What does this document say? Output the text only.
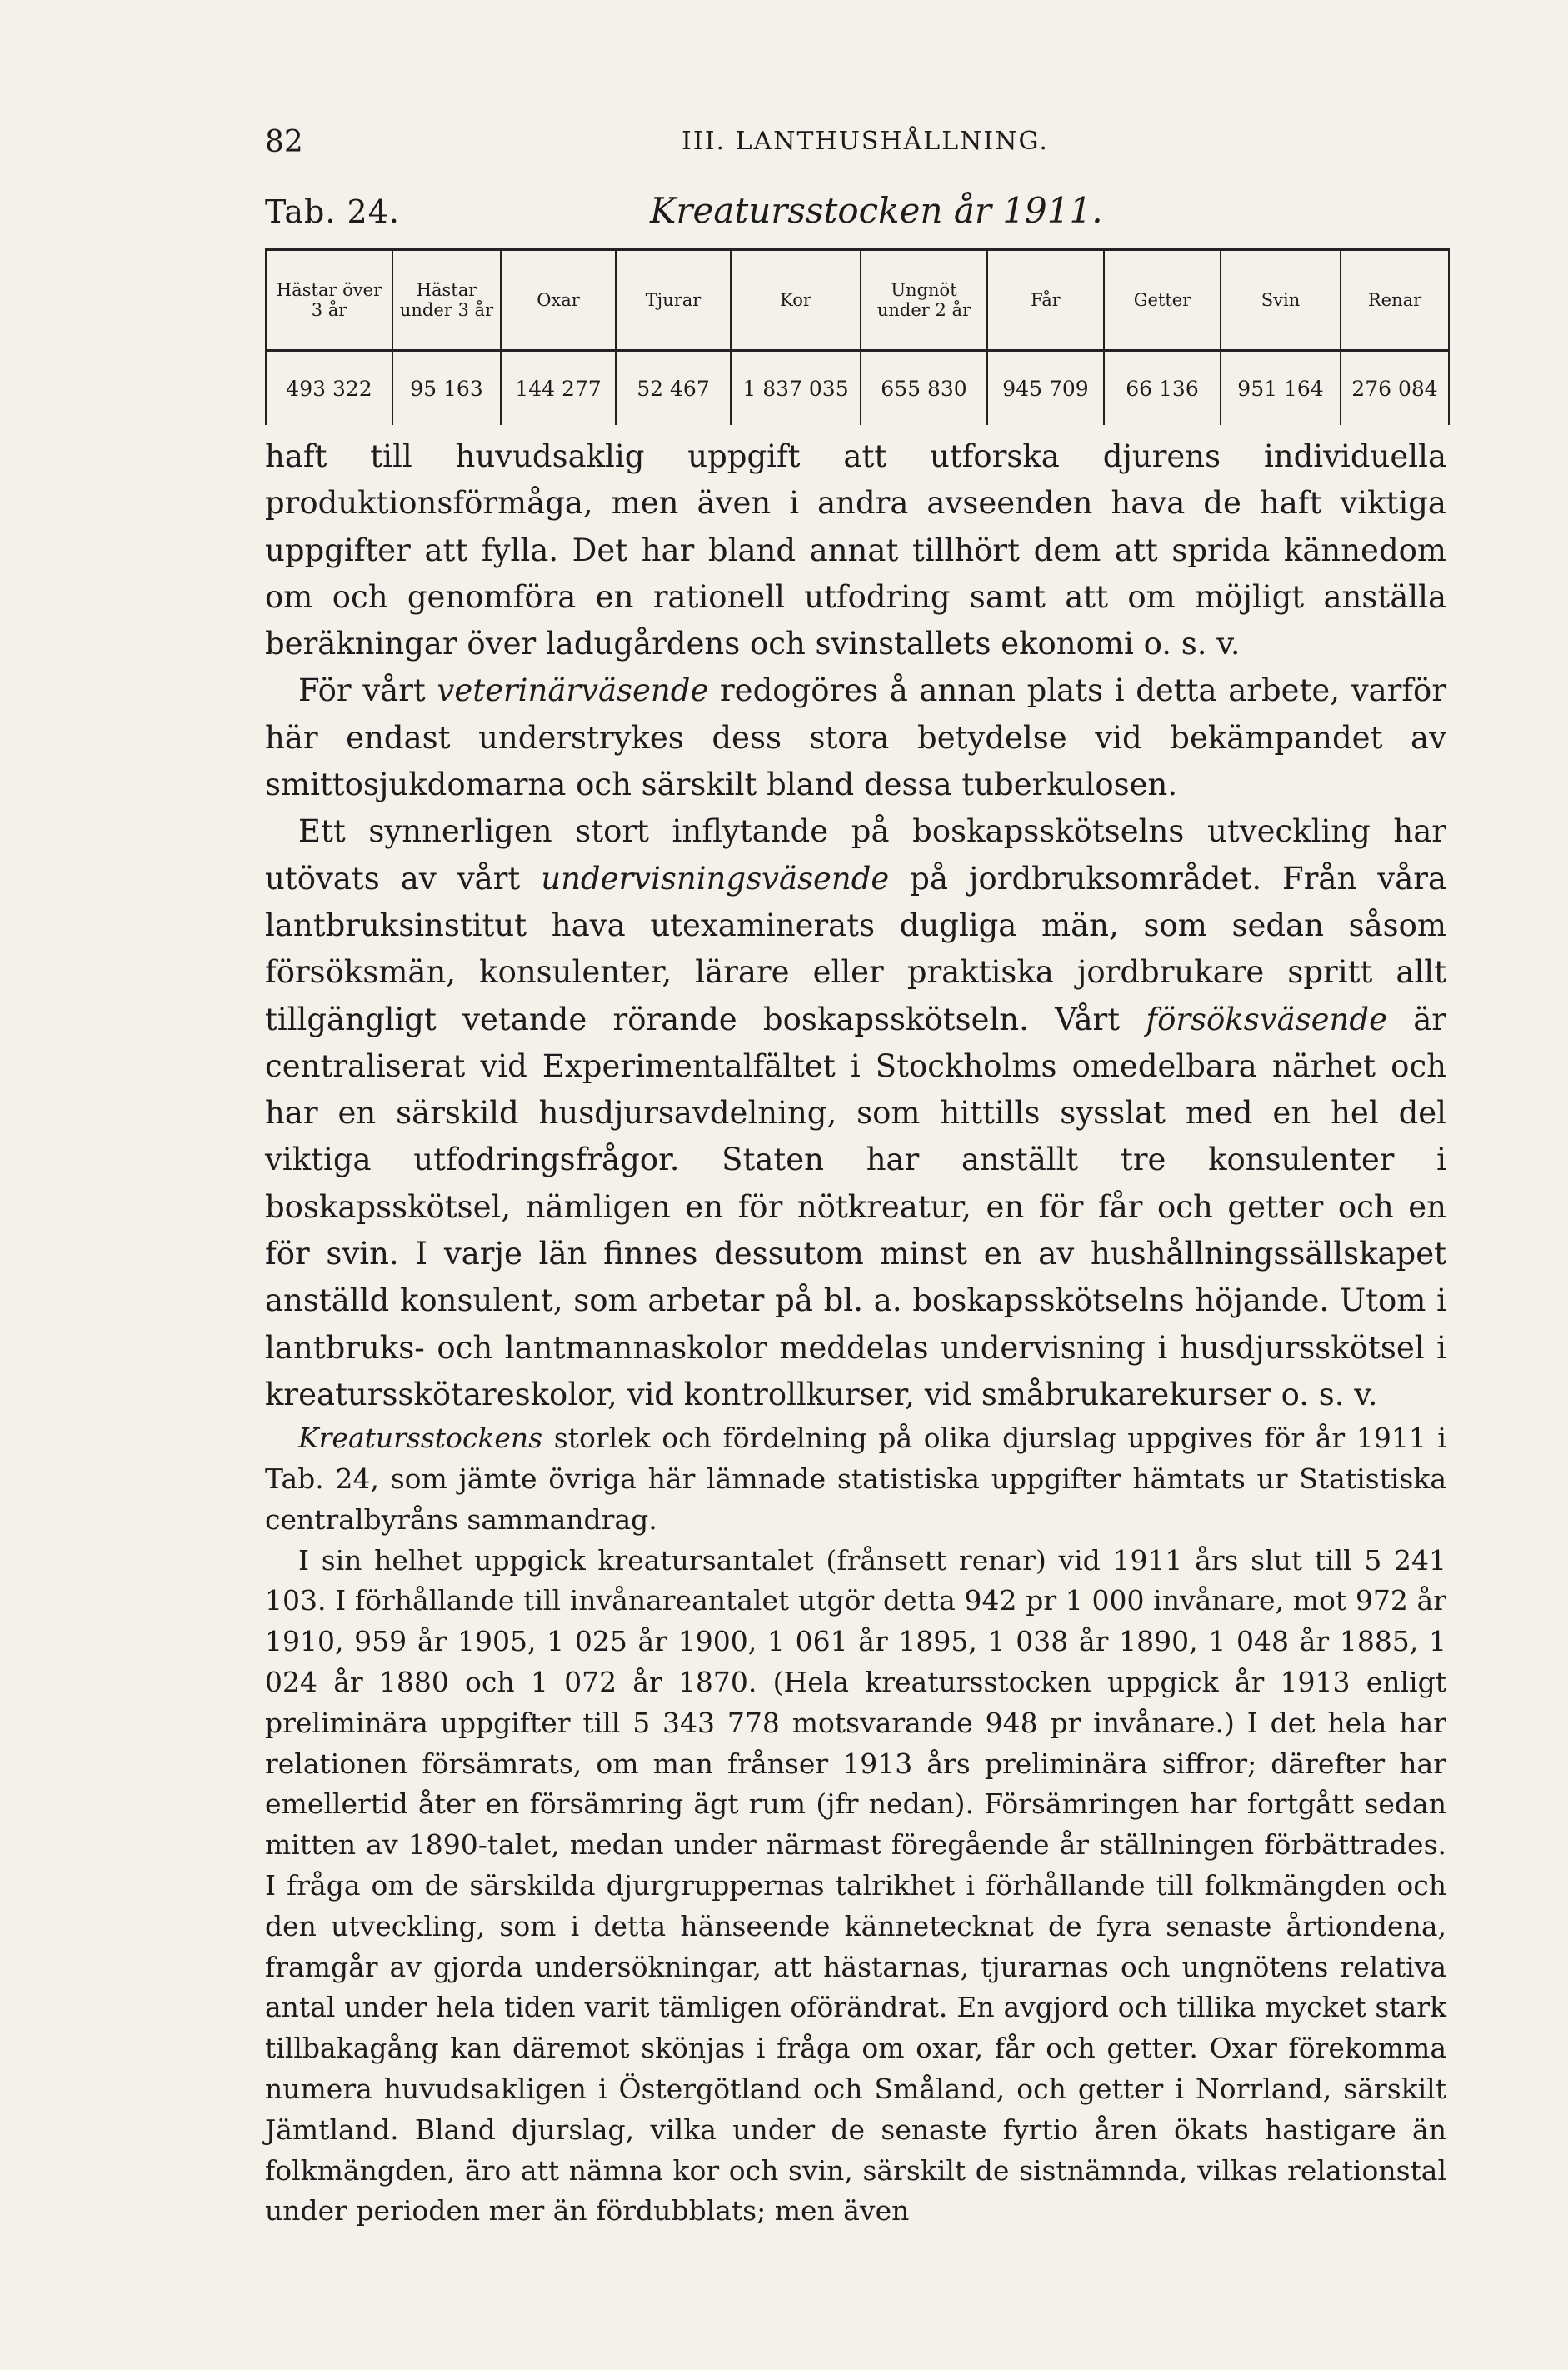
82	III. LANTHUSHÅLLNING.
Tab. 24.	Kreatursstocken år 1911.
Hästar över 3 år	Hästar under 3 år	Oxar	Tjurar	Kor	Ungnöt under 2 år	Får	Getter	Svin	Renar
493 322	95 163	144 277	52 467	1 837 035	655 830	945 709	66 136	951 164	276 084

haft till huvudsaklig uppgift att utforska djurens individuella produktionsförmåga, men även i andra avseenden hava de haft viktiga uppgifter att fylla. Det har bland annat tillhört dem att sprida kännedom om och genomföra en rationell utfodring samt att om möjligt anställa beräkningar över ladugårdens och svinstallets ekonomi o. s. v.

För vårt veterinärväsende redogöres å annan plats i detta arbete, varför här endast understrykes dess stora betydelse vid bekämpandet av smittosjukdomarna och särskilt bland dessa tuberkulosen.

Ett synnerligen stort inflytande på boskapsskötselns utveckling har utövats av vårt undervisningsväsende på jordbruksområdet. Från våra lantbruksinstitut hava utexaminerats dugliga män, som sedan såsom försöksmän, konsulenter, lärare eller praktiska jordbrukare spritt allt tillgängligt vetande rörande boskapsskötseln. Vårt försöksväsende är centraliserat vid Experimentalfältet i Stockholms omedelbara närhet och har en särskild husdjursavdelning, som hittills sysslat med en hel del viktiga utfodringsfrågor. Staten har anställt tre konsulenter i boskapsskötsel, nämligen en för nötkreatur, en för får och getter och en för svin. I varje län finnes dessutom minst en av hushållningssällskapet anställd konsulent, som arbetar på bl. a. boskapsskötselns höjande. Utom i lantbruks- och lantmannaskolor meddelas undervisning i husdjursskötsel i kreatursskötareskolor, vid kontrollkurser, vid småbrukarekurser o. s. v.

Kreatursstockens storlek och fördelning på olika djurslag uppgives för år 1911 i Tab. 24, som jämte övriga här lämnade statistiska uppgifter hämtats ur Statistiska centralbyråns sammandrag.

I sin helhet uppgick kreatursantalet (frånsett renar) vid 1911 års slut till 5 241 103. I förhållande till invånareantalet utgör detta 942 pr 1 000 invånare, mot 972 år 1910, 959 år 1905, 1 025 år 1900, 1 061 år 1895, 1 038 år 1890, 1 048 år 1885, 1 024 år 1880 och 1 072 år 1870. (Hela kreatursstocken uppgick år 1913 enligt preliminära uppgifter till 5 343 778 motsvarande 948 pr invånare.) I det hela har relationen försämrats, om man frånser 1913 års preliminära siffror; därefter har emellertid åter en försämring ägt rum (jfr nedan). Försämringen har fortgått sedan mitten av 1890-talet, medan under närmast föregående år ställningen förbättrades. I fråga om de särskilda djurgruppernas talrikhet i förhållande till folkmängden och den utveckling, som i detta hänseende kännetecknat de fyra senaste årtiondena, framgår av gjorda undersökningar, att hästarnas, tjurarnas och ungnötens relativa antal under hela tiden varit tämligen oförändrat. En avgjord och tillika mycket stark tillbakagång kan däremot skönjas i fråga om oxar, får och getter. Oxar förekomma numera huvudsakligen i Östergötland och Småland, och getter i Norrland, särskilt Jämtland. Bland djurslag, vilka under de senaste fyrtio åren ökats hastigare än folkmängden, äro att nämna kor och svin, särskilt de sistnämnda, vilkas relationstal under perioden mer än fördubblats; men även
